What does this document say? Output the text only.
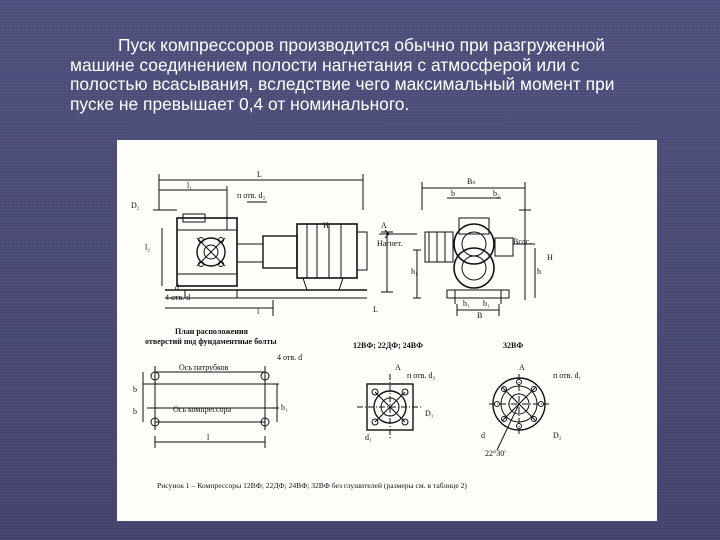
Пуск компрессоров производится обычно при разгруженной
машине соединением полости нагнетания с атмосферой или с
полостью всасывания, вследствие чего максимальный момент при
пуске не превышает 0,4 от номинального.
L
l₁
п отв. d₂
D₂
l₂
H
d
4 отв. d
l
Bₙ
b	b₂
A
Нагнет.	Всас.
h₁	h
H
b₁ b₁
B
L
План расположения
отверстий под фундаментные болты
Ось патрубков
Ось компрессора
4 отв. d
b
b	b₁
l
12ВФ; 22ДФ; 24ВФ
A
п отв. d₂
d₁
D₁
32ВФ
A
п отв. d₁
d	D₂
22°30′
Рисунок 1 – Компрессоры 12ВФ; 22ДФ; 24ВФ; 32ВФ без глушителей (размеры см. в таблице 2)
